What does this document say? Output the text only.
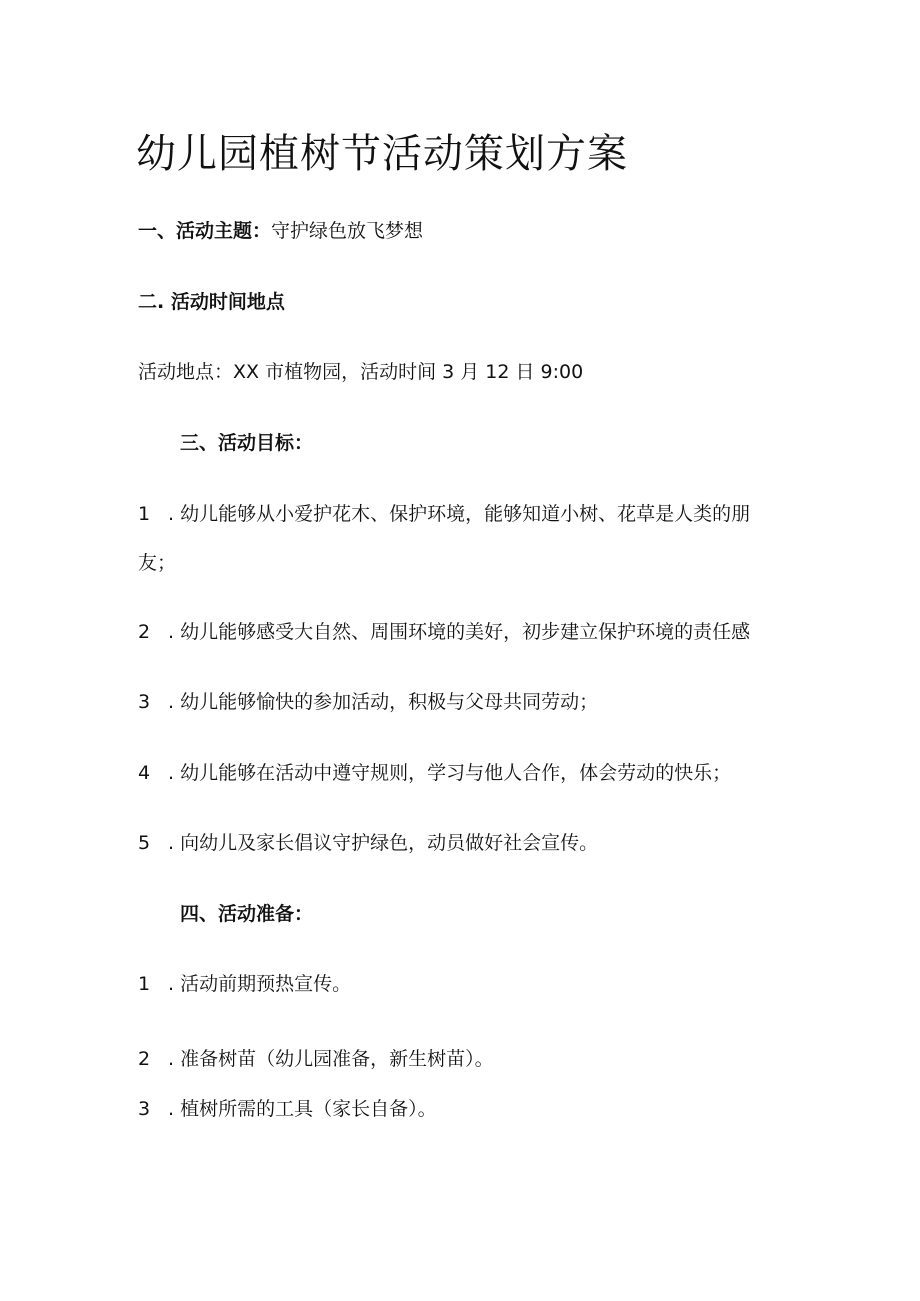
幼儿园植树节活动策划方案
一、活动主题：守护绿色放飞梦想
二. 活动时间地点
活动地点：XX 市植物园，活动时间 3 月 12 日 9:00
三、活动目标：
1 . 幼儿能够从小爱护花木、保护环境，能够知道小树、花草是人类的朋
友；
2 . 幼儿能够感受大自然、周围环境的美好，初步建立保护环境的责任感
3 . 幼儿能够愉快的参加活动，积极与父母共同劳动；
4 . 幼儿能够在活动中遵守规则，学习与他人合作，体会劳动的快乐；
5 . 向幼儿及家长倡议守护绿色，动员做好社会宣传。
四、活动准备：
1 . 活动前期预热宣传。
2 . 准备树苗（幼儿园准备，新生树苗）。
3 . 植树所需的工具（家长自备）。
